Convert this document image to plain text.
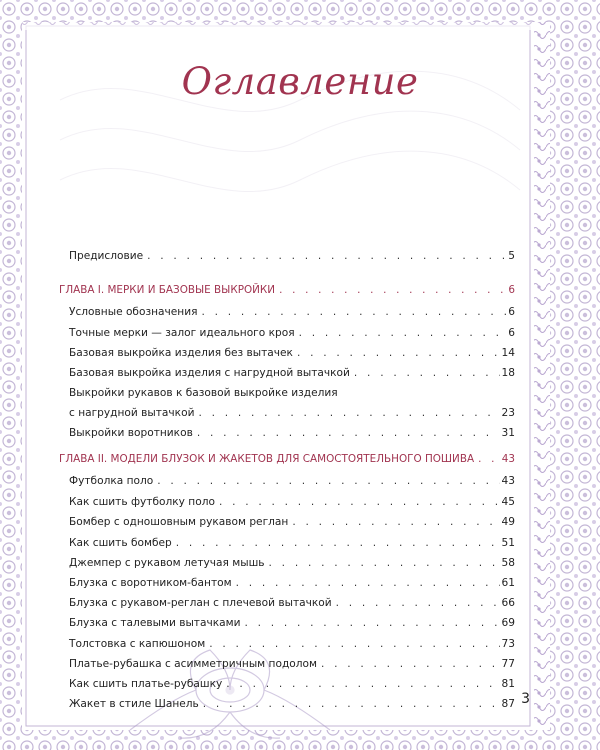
Оглавление
Предисловие . . .	5
ГЛАВА I. МЕРКИ И БАЗОВЫЕ ВЫКРОЙКИ . . .	6
Условные обозначения . . .	6
Точные мерки — залог идеального кроя . . .	6
Базовая выкройка изделия без вытачек . . .	14
Базовая выкройка изделия с нагрудной вытачкой . . .	18
Выкройки рукавов к базовой выкройке изделия
с нагрудной вытачкой . . .	23
Выкройки воротников . . .	31
ГЛАВА II. МОДЕЛИ БЛУЗОК И ЖАКЕТОВ ДЛЯ САМОСТОЯТЕЛЬНОГО ПОШИВА . . .	43
Футболка поло . . .	43
Как сшить футболку поло . . .	45
Бомбер с одношовным рукавом реглан . . .	49
Как сшить бомбер . . .	51
Джемпер с рукавом летучая мышь . . .	58
Блузка с воротником-бантом . . .	61
Блузка с рукавом-реглан с плечевой вытачкой . . .	66
Блузка с талевыми вытачками . . .	69
Толстовка с капюшоном . . .	73
Платье-рубашка с асимметричным подолом . . .	77
Как сшить платье-рубашку . . .	81
Жакет в стиле Шанель . . .	87 3
